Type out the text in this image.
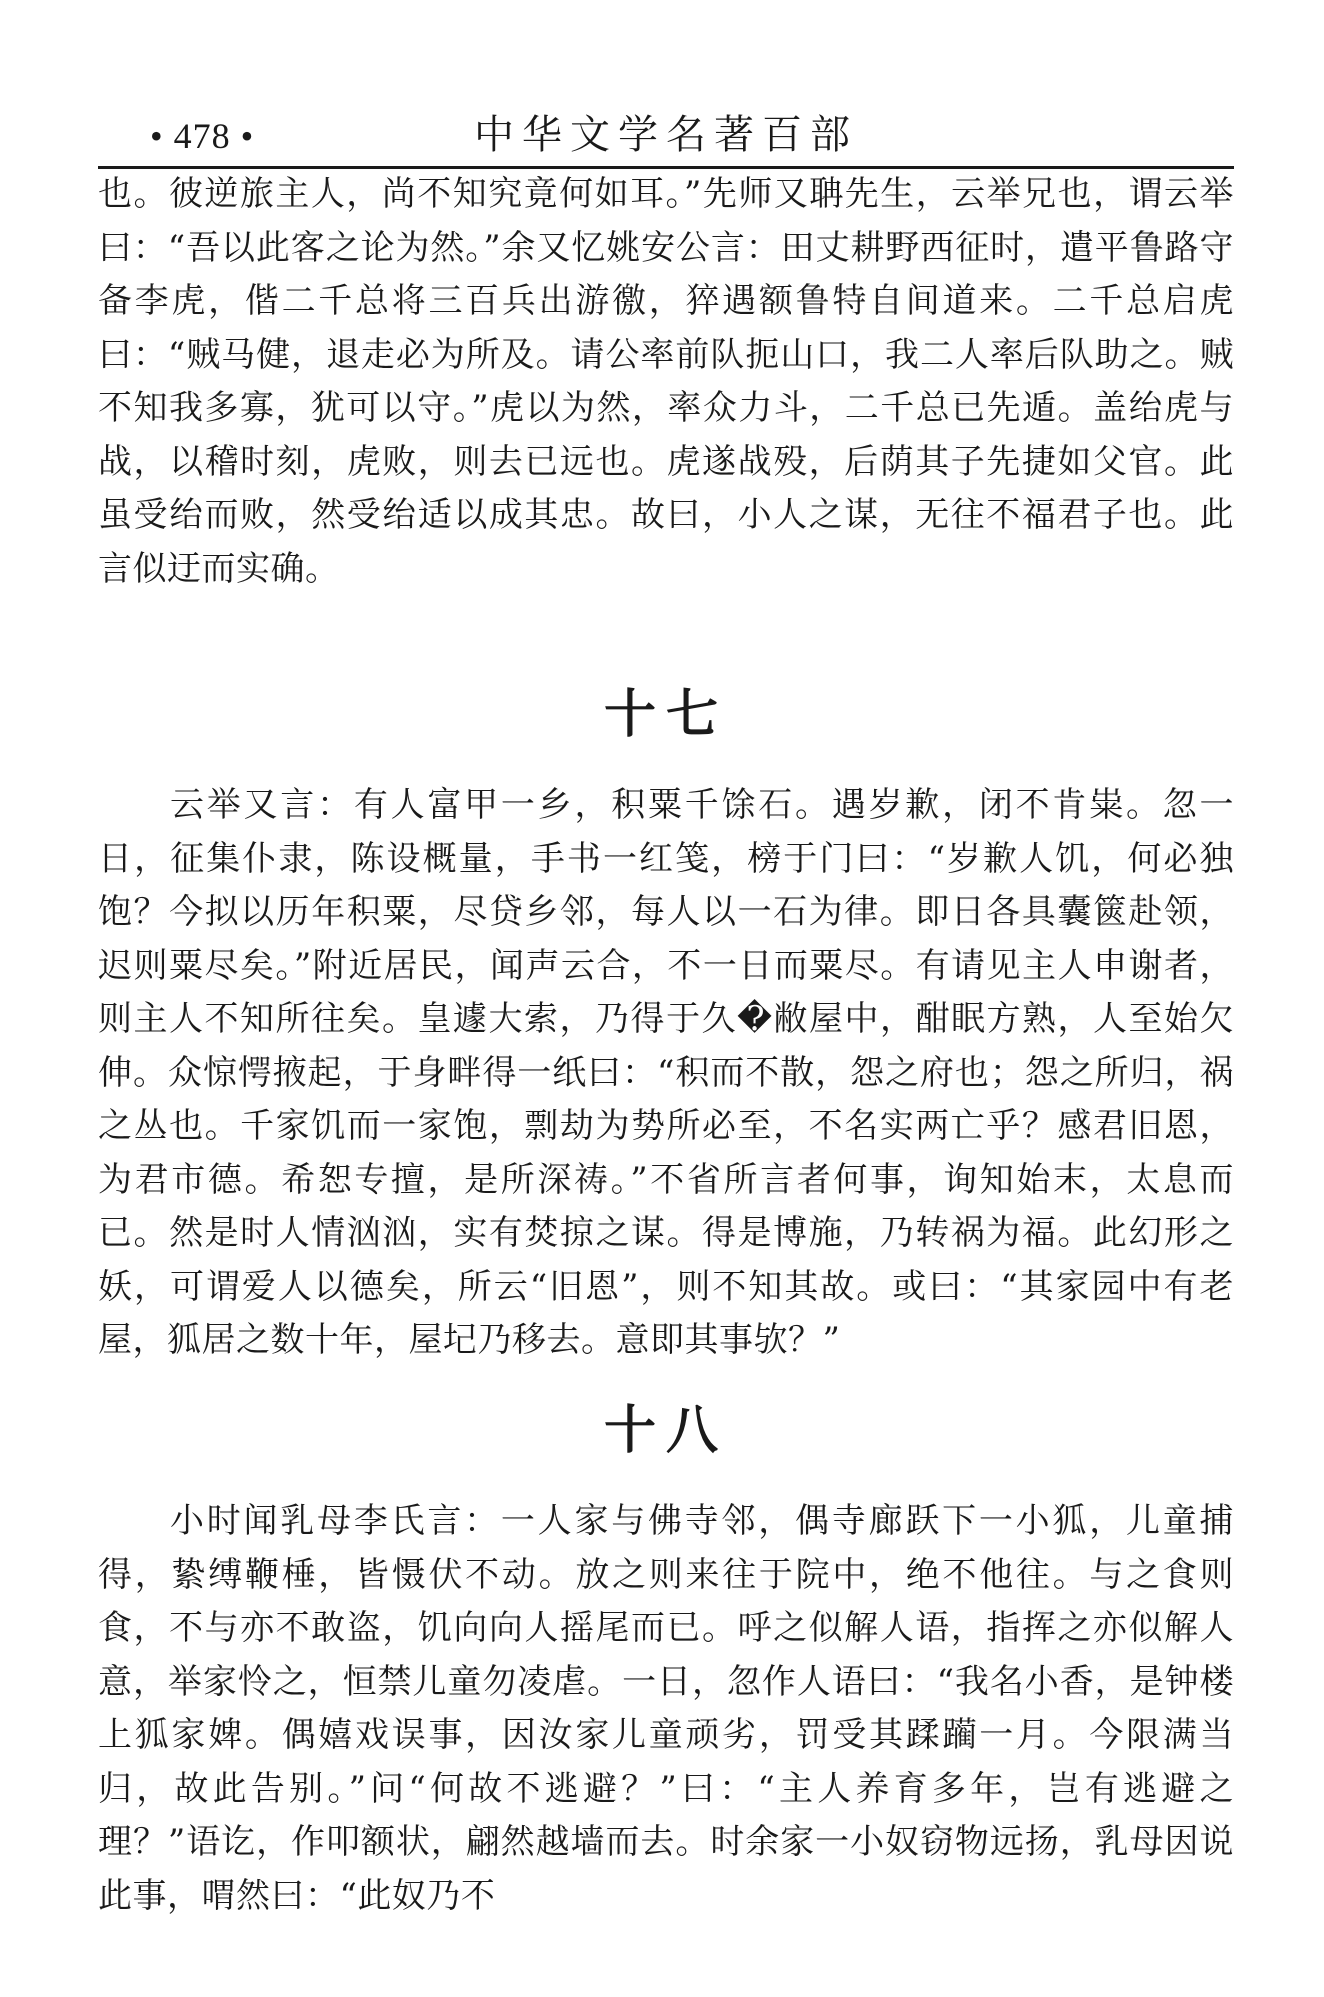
• 478 •	中华文学名著百部

也。彼逆旅主人，尚不知究竟何如耳。”先师又聃先生，云举兄也，谓云举曰：“吾以此客之论为然。”余又忆姚安公言：田丈耕野西征时，遣平鲁路守备李虎，偕二千总将三百兵出游徼，猝遇额鲁特自间道来。二千总启虎曰：“贼马健，退走必为所及。请公率前队扼山口，我二人率后队助之。贼不知我多寡，犹可以守。”虎以为然，率众力斗，二千总已先遁。盖绐虎与战，以稽时刻，虎败，则去已远也。虎遂战殁，后荫其子先捷如父官。此虽受绐而败，然受绐适以成其忠。故曰，小人之谋，无往不福君子也。此言似迂而实确。

十七

云举又言：有人富甲一乡，积粟千馀石。遇岁歉，闭不肯粜。忽一日，征集仆隶，陈设概量，手书一红笺，榜于门曰：“岁歉人饥，何必独饱？今拟以历年积粟，尽贷乡邻，每人以一石为律。即日各具囊篋赴领，迟则粟尽矣。”附近居民，闻声云合，不一日而粟尽。有请见主人申谢者，则主人不知所往矣。皇遽大索，乃得于久�敝屋中，酣眠方熟，人至始欠伸。众惊愕掖起，于身畔得一纸曰：“积而不散，怨之府也；怨之所归，祸之丛也。千家饥而一家饱，剽劫为势所必至，不名实两亡乎？感君旧恩，为君市德。希恕专擅，是所深祷。”不省所言者何事，询知始末，太息而已。然是时人情汹汹，实有焚掠之谋。得是博施，乃转祸为福。此幻形之妖，可谓爱人以德矣，所云“旧恩”，则不知其故。或曰：“其家园中有老屋，狐居之数十年，屋圮乃移去。意即其事欤？”

十八

小时闻乳母李氏言：一人家与佛寺邻，偶寺廊跃下一小狐，儿童捕得，絷缚鞭棰，皆慑伏不动。放之则来往于院中，绝不他往。与之食则食，不与亦不敢盗，饥向向人摇尾而已。呼之似解人语，指挥之亦似解人意，举家怜之，恒禁儿童勿凌虐。一日，忽作人语曰：“我名小香，是钟楼上狐家婢。偶嬉戏误事，因汝家儿童顽劣，罚受其蹂躏一月。今限满当归，故此告别。”问“何故不逃避？”曰：“主人养育多年，岂有逃避之理？”语讫，作叩额状，翩然越墙而去。时余家一小奴窃物远扬，乳母因说此事，喟然曰：“此奴乃不
